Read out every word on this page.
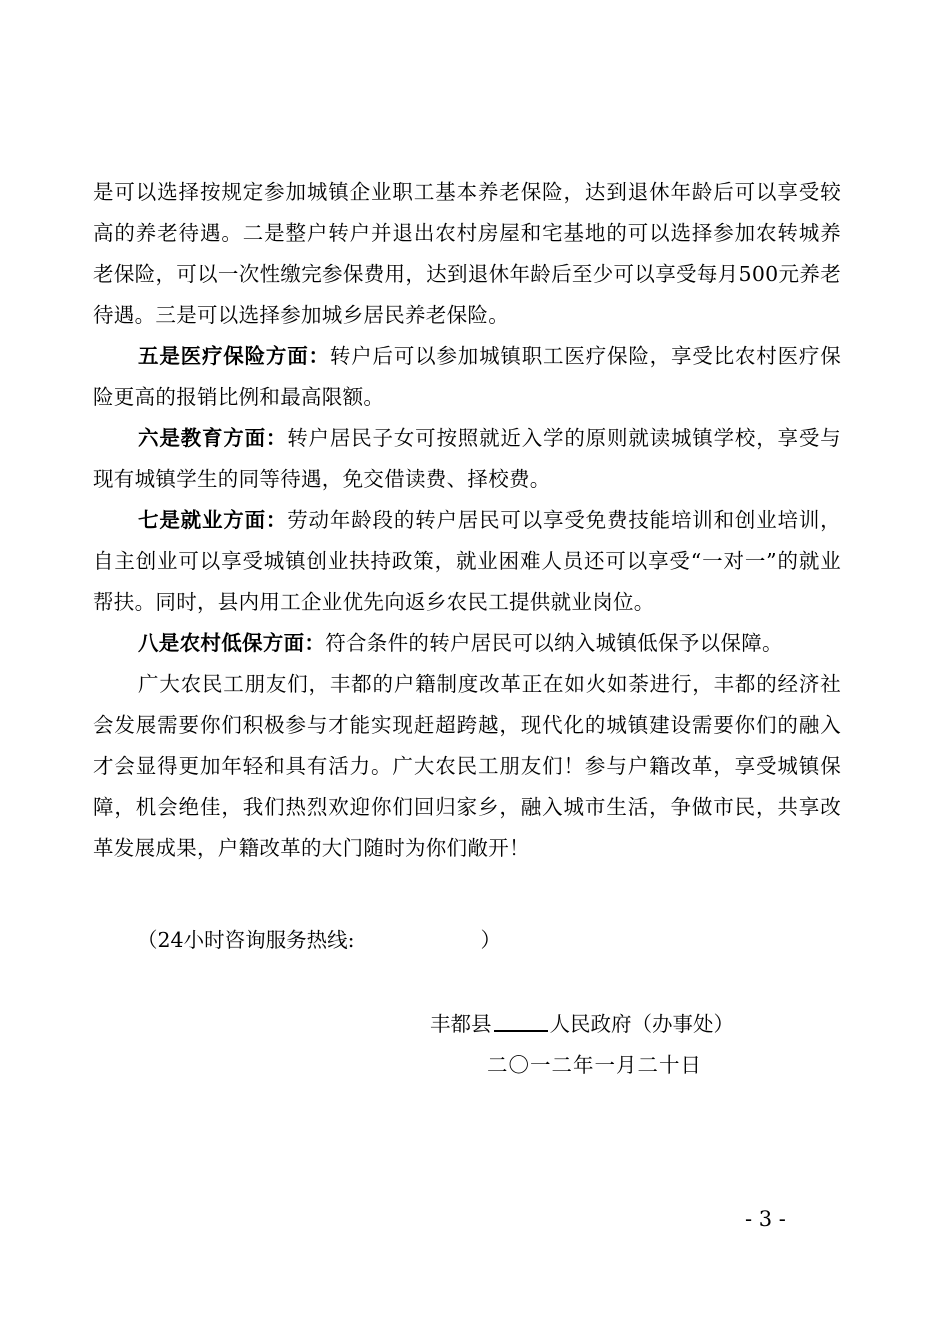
是可以选择按规定参加城镇企业职工基本养老保险，达到退休年龄后可以享受较高的养老待遇。二是整户转户并退出农村房屋和宅基地的可以选择参加农转城养老保险，可以一次性缴完参保费用，达到退休年龄后至少可以享受每月500元养老待遇。三是可以选择参加城乡居民养老保险。

五是医疗保险方面：转户后可以参加城镇职工医疗保险，享受比农村医疗保险更高的报销比例和最高限额。

六是教育方面：转户居民子女可按照就近入学的原则就读城镇学校，享受与现有城镇学生的同等待遇，免交借读费、择校费。

七是就业方面：劳动年龄段的转户居民可以享受免费技能培训和创业培训，自主创业可以享受城镇创业扶持政策，就业困难人员还可以享受“一对一”的就业帮扶。同时，县内用工企业优先向返乡农民工提供就业岗位。

八是农村低保方面：符合条件的转户居民可以纳入城镇低保予以保障。

广大农民工朋友们，丰都的户籍制度改革正在如火如荼进行，丰都的经济社会发展需要你们积极参与才能实现赶超跨越，现代化的城镇建设需要你们的融入才会显得更加年轻和具有活力。广大农民工朋友们！参与户籍改革，享受城镇保障，机会绝佳，我们热烈欢迎你们回归家乡，融入城市生活，争做市民，共享改革发展成果，户籍改革的大门随时为你们敞开！

（24小时咨询服务热线:	）
丰都县	人民政府（办事处）
二〇一二年一月二十日
- 3 -
